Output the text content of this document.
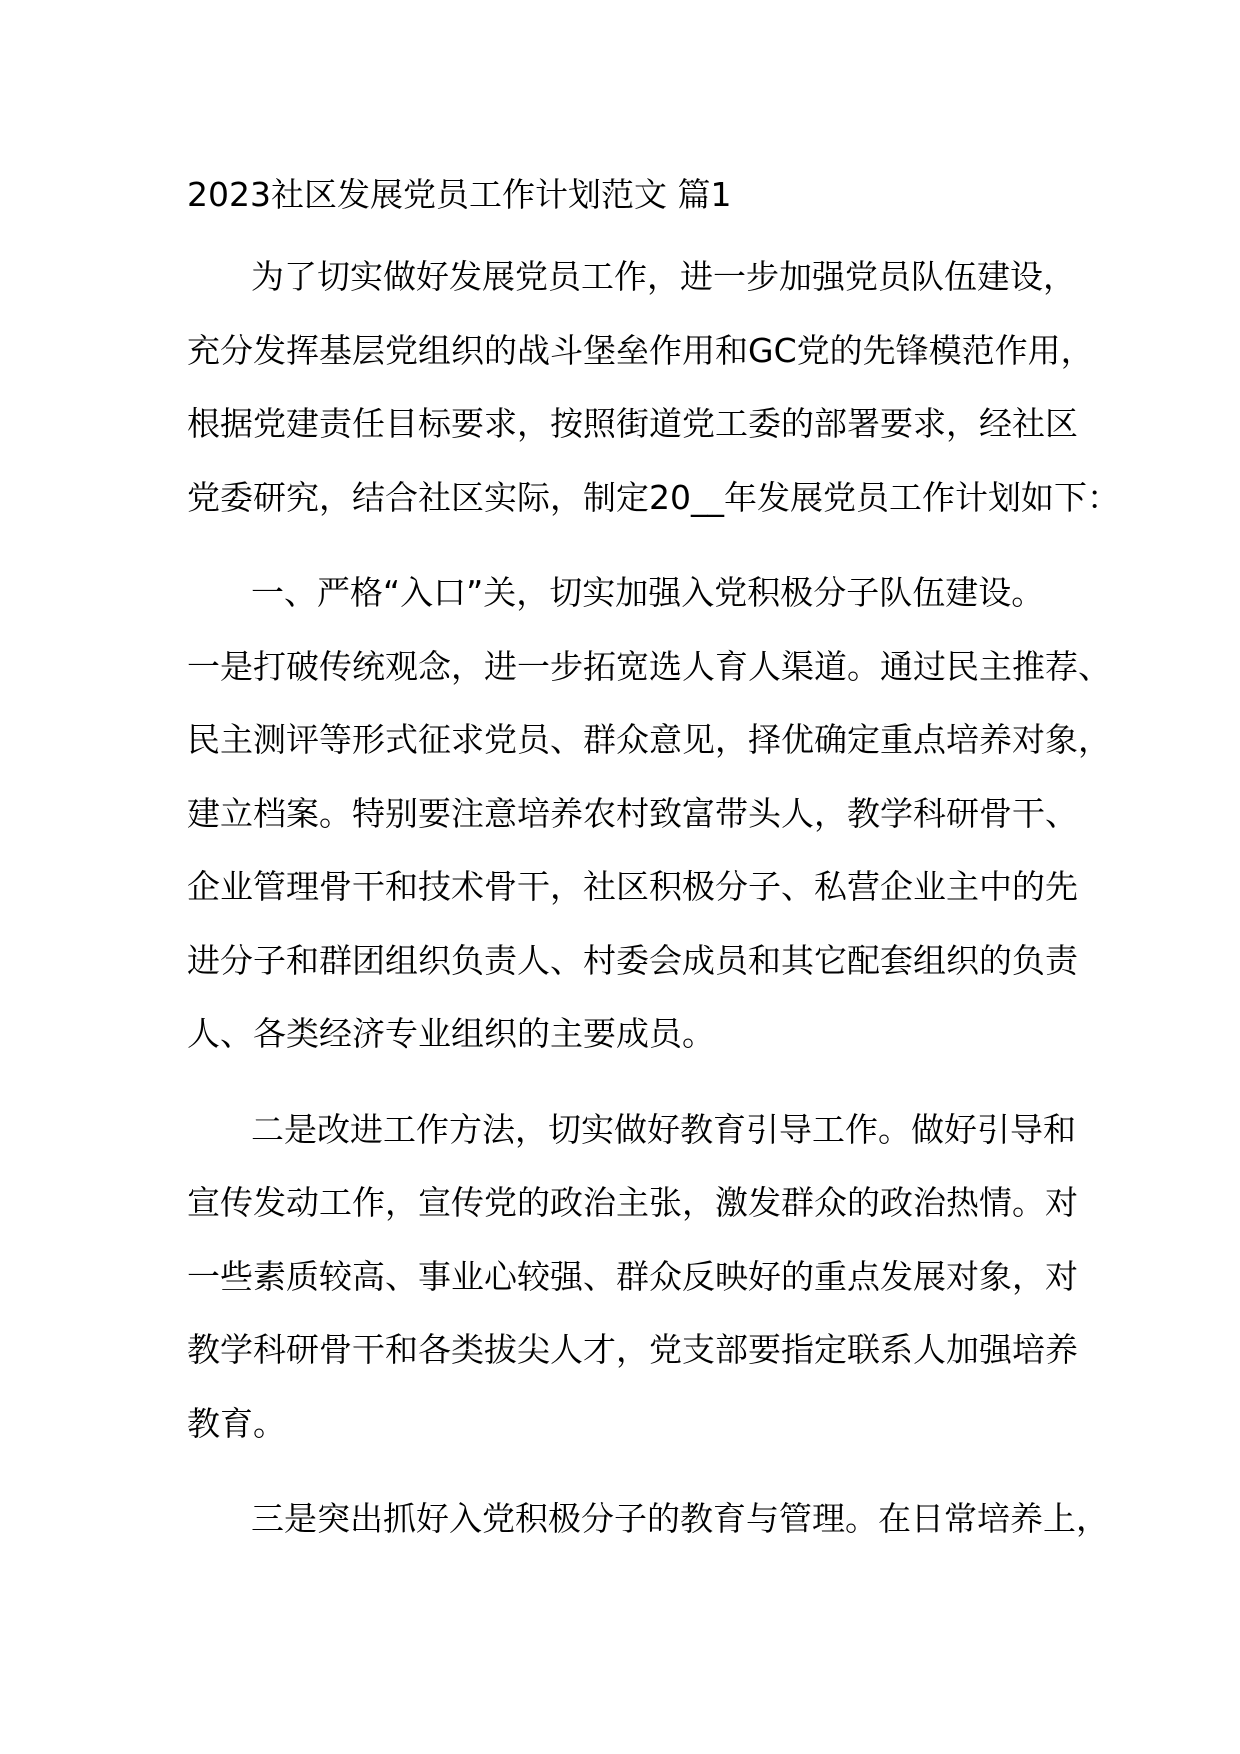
2023社区发展党员工作计划范文 篇1
为了切实做好发展党员工作，进一步加强党员队伍建设，
充分发挥基层党组织的战斗堡垒作用和GC党的先锋模范作用，
根据党建责任目标要求，按照街道党工委的部署要求，经社区
党委研究，结合社区实际，制定20__年发展党员工作计划如下：
一、严格“入口”关，切实加强入党积极分子队伍建设。
一是打破传统观念，进一步拓宽选人育人渠道。通过民主推荐、
民主测评等形式征求党员、群众意见，择优确定重点培养对象，
建立档案。特别要注意培养农村致富带头人，教学科研骨干、
企业管理骨干和技术骨干，社区积极分子、私营企业主中的先
进分子和群团组织负责人、村委会成员和其它配套组织的负责
人、各类经济专业组织的主要成员。
二是改进工作方法，切实做好教育引导工作。做好引导和
宣传发动工作，宣传党的政治主张，激发群众的政治热情。对
一些素质较高、事业心较强、群众反映好的重点发展对象，对
教学科研骨干和各类拔尖人才，党支部要指定联系人加强培养
教育。
三是突出抓好入党积极分子的教育与管理。在日常培养上，
